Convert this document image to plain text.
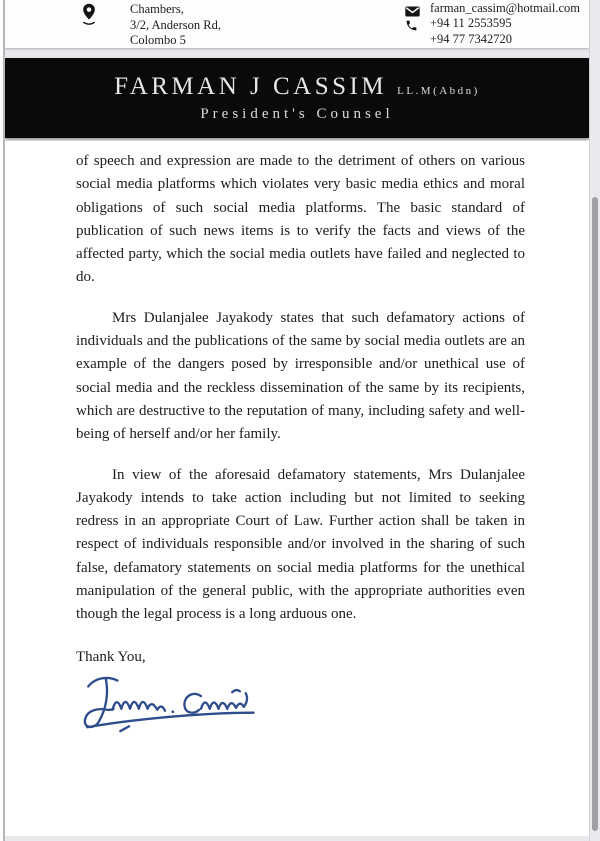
Chambers,
3/2, Anderson Rd,
Colombo 5
farman_cassim@hotmail.com
+94 11 2553595
+94 77 7342720
FARMAN J CASSIM LL.M(Abdn)
President's Counsel

of speech and expression are made to the detriment of others on various social media platforms which violates very basic media ethics and moral obligations of such social media platforms. The basic standard of publication of such news items is to verify the facts and views of the affected party, which the social media outlets have failed and neglected to do.

Mrs Dulanjalee Jayakody states that such defamatory actions of individuals and the publications of the same by social media outlets are an example of the dangers posed by irresponsible and/or unethical use of social media and the reckless dissemination of the same by its recipients, which are destructive to the reputation of many, including safety and well-being of herself and/or her family.

In view of the aforesaid defamatory statements, Mrs Dulanjalee Jayakody intends to take action including but not limited to seeking redress in an appropriate Court of Law. Further action shall be taken in respect of individuals responsible and/or involved in the sharing of such false, defamatory statements on social media platforms for the unethical manipulation of the general public, with the appropriate authorities even though the legal process is a long arduous one.

Thank You,
